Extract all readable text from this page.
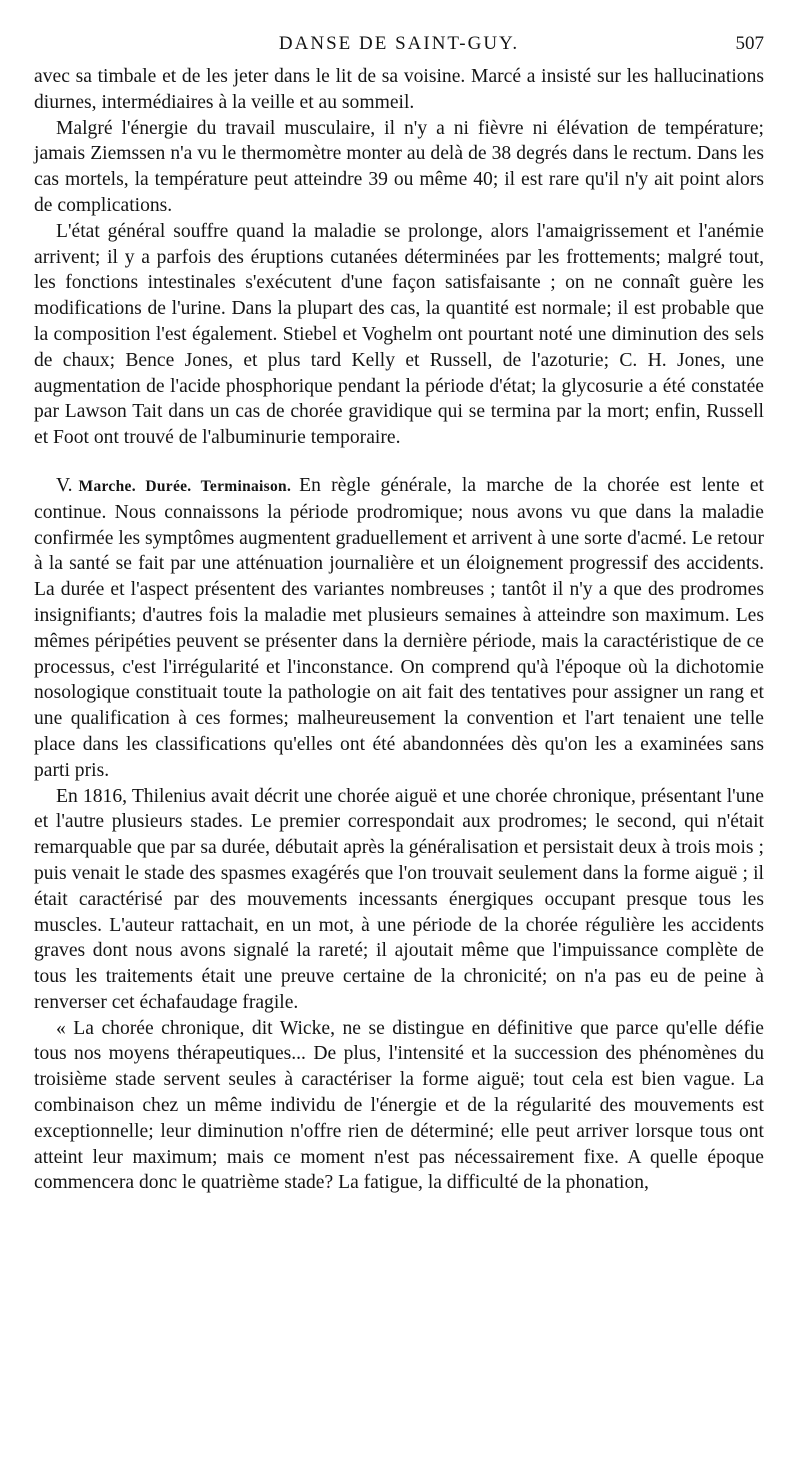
DANSE DE SAINT-GUY.	507

avec sa timbale et de les jeter dans le lit de sa voisine. Marcé a insisté sur les hallucinations diurnes, intermédiaires à la veille et au sommeil.

Malgré l'énergie du travail musculaire, il n'y a ni fièvre ni élévation de température; jamais Ziemssen n'a vu le thermomètre monter au delà de 38 degrés dans le rectum. Dans les cas mortels, la température peut atteindre 39 ou même 40; il est rare qu'il n'y ait point alors de complications.

L'état général souffre quand la maladie se prolonge, alors l'amaigrissement et l'anémie arrivent; il y a parfois des éruptions cutanées déterminées par les frottements; malgré tout, les fonctions intestinales s'exécutent d'une façon satisfaisante ; on ne connaît guère les modifications de l'urine. Dans la plupart des cas, la quantité est normale; il est probable que la composition l'est également. Stiebel et Voghelm ont pourtant noté une diminution des sels de chaux; Bence Jones, et plus tard Kelly et Russell, de l'azoturie; C. H. Jones, une augmentation de l'acide phosphorique pendant la période d'état; la glycosurie a été constatée par Lawson Tait dans un cas de chorée gravidique qui se termina par la mort; enfin, Russell et Foot ont trouvé de l'albuminurie temporaire.

V. Marche. Durée. Terminaison. En règle générale, la marche de la chorée est lente et continue. Nous connaissons la période prodromique; nous avons vu que dans la maladie confirmée les symptômes augmentent graduellement et arrivent à une sorte d'acmé. Le retour à la santé se fait par une atténuation journalière et un éloignement progressif des accidents. La durée et l'aspect présentent des variantes nombreuses ; tantôt il n'y a que des prodromes insignifiants; d'autres fois la maladie met plusieurs semaines à atteindre son maximum. Les mêmes péripéties peuvent se présenter dans la dernière période, mais la caractéristique de ce processus, c'est l'irrégularité et l'inconstance. On comprend qu'à l'époque où la dichotomie nosologique constituait toute la pathologie on ait fait des tentatives pour assigner un rang et une qualification à ces formes; malheureusement la convention et l'art tenaient une telle place dans les classifications qu'elles ont été abandonnées dès qu'on les a examinées sans parti pris.

En 1816, Thilenius avait décrit une chorée aiguë et une chorée chronique, présentant l'une et l'autre plusieurs stades. Le premier correspondait aux prodromes; le second, qui n'était remarquable que par sa durée, débutait après la généralisation et persistait deux à trois mois ; puis venait le stade des spasmes exagérés que l'on trouvait seulement dans la forme aiguë ; il était caractérisé par des mouvements incessants énergiques occupant presque tous les muscles. L'auteur rattachait, en un mot, à une période de la chorée régulière les accidents graves dont nous avons signalé la rareté; il ajoutait même que l'impuissance complète de tous les traitements était une preuve certaine de la chronicité; on n'a pas eu de peine à renverser cet échafaudage fragile.

« La chorée chronique, dit Wicke, ne se distingue en définitive que parce qu'elle défie tous nos moyens thérapeutiques... De plus, l'intensité et la succession des phénomènes du troisième stade servent seules à caractériser la forme aiguë; tout cela est bien vague. La combinaison chez un même individu de l'énergie et de la régularité des mouvements est exceptionnelle; leur diminution n'offre rien de déterminé; elle peut arriver lorsque tous ont atteint leur maximum; mais ce moment n'est pas nécessairement fixe. A quelle époque commencera donc le quatrième stade? La fatigue, la difficulté de la phonation,
